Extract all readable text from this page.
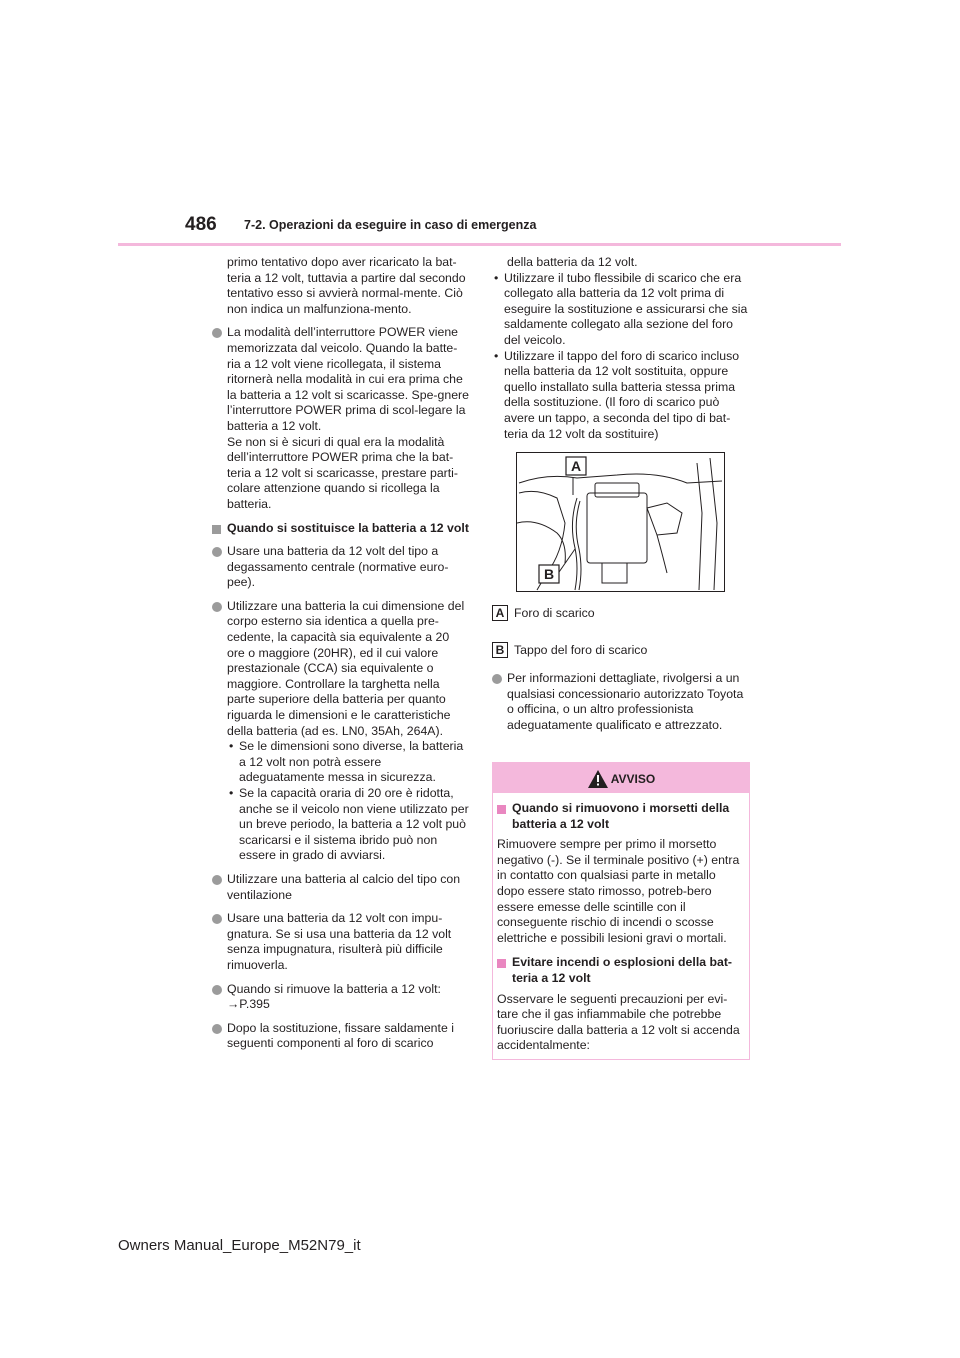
486 7-2. Operazioni da eseguire in caso di emergenza

primo tentativo dopo aver ricaricato la bat-teria a 12 volt, tuttavia a partire dal secondo tentativo esso si avvierà normal-mente. Ciò non indica un malfunziona-mento.

La modalità dell’interruttore POWER viene memorizzata dal veicolo. Quando la batte-ria a 12 volt viene ricollegata, il sistema ritornerà nella modalità in cui era prima che la batteria a 12 volt si scaricasse. Spe-gnere l’interruttore POWER prima di scol-legare la batteria a 12 volt.

Se non si è sicuri di qual era la modalità dell’interruttore POWER prima che la bat-teria a 12 volt si scaricasse, prestare parti-colare attenzione quando si ricollega la batteria.

Quando si sostituisce la batteria a 12 volt

Usare una batteria da 12 volt del tipo a degassamento centrale (normative euro-pee).

Utilizzare una batteria la cui dimensione del corpo esterno sia identica a quella pre-cedente, la capacità sia equivalente a 20 ore o maggiore (20HR), ed il cui valore prestazionale (CCA) sia equivalente o maggiore. Controllare la targhetta nella parte superiore della batteria per quanto riguarda le dimensioni e le caratteristiche della batteria (ad es. LN0, 35Ah, 264A).

• Se le dimensioni sono diverse, la batteria a 12 volt non potrà essere adeguatamente messa in sicurezza.

• Se la capacità oraria di 20 ore è ridotta, anche se il veicolo non viene utilizzato per un breve periodo, la batteria a 12 volt può scaricarsi e il sistema ibrido può non essere in grado di avviarsi.

Utilizzare una batteria al calcio del tipo con ventilazione

Usare una batteria da 12 volt con impu-gnatura. Se si usa una batteria da 12 volt senza impugnatura, risulterà più difficile rimuoverla.

Quando si rimuove la batteria a 12 volt:

→P.395

Dopo la sostituzione, fissare saldamente i seguenti componenti al foro di scarico

della batteria da 12 volt.

• Utilizzare il tubo flessibile di scarico che era collegato alla batteria da 12 volt prima di eseguire la sostituzione e assicurarsi che sia saldamente collegato alla sezione del foro del veicolo.

• Utilizzare il tappo del foro di scarico incluso nella batteria da 12 volt sostituita, oppure quello installato sulla batteria stessa prima della sostituzione. (Il foro di scarico può avere un tappo, a seconda del tipo di bat-teria da 12 volt da sostituire)

A
B
A Foro di scarico
B Tappo del foro di scarico

Per informazioni dettagliate, rivolgersi a un qualsiasi concessionario autorizzato Toyota o officina, o un altro professionista adeguatamente qualificato e attrezzato.

AVVISO

Quando si rimuovono i morsetti della batteria a 12 volt

Rimuovere sempre per primo il morsetto negativo (-). Se il terminale positivo (+) entra in contatto con qualsiasi parte in metallo dopo essere stato rimosso, potreb-bero essere emesse delle scintille con il conseguente rischio di incendi o scosse elettriche e possibili lesioni gravi o mortali.

Evitare incendi o esplosioni della bat-teria a 12 volt

Osservare le seguenti precauzioni per evi-tare che il gas infiammabile che potrebbe fuoriuscire dalla batteria a 12 volt si accenda accidentalmente:

Owners Manual_Europe_M52N79_it
